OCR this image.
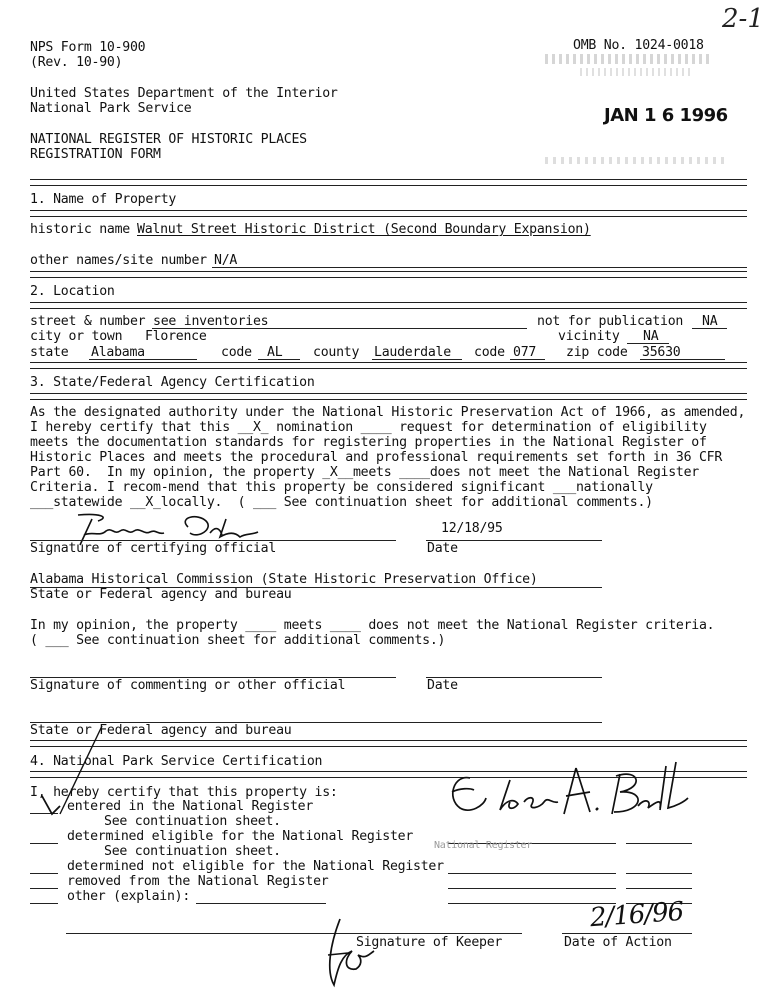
NPS Form 10-900
(Rev. 10-90)
OMB No. 1024-0018
2-1
JAN 1 6 1996
United States Department of the Interior
National Park Service
NATIONAL REGISTER OF HISTORIC PLACES
REGISTRATION FORM
1. Name of Property
historic name Walnut Street Historic District (Second Boundary Expansion)
other names/site number N/A
2. Location
street & number see inventories	not for publication NA
city or town Florence	vicinity NA
state Alabama	code AL county Lauderdale code 077 zip code 35630
3. State/Federal Agency Certification
As the designated authority under the National Historic Preservation Act of 1966, as amended,
I hereby certify that this __X_ nomination ____ request for determination of eligibility
meets the documentation standards for registering properties in the National Register of
Historic Places and meets the procedural and professional requirements set forth in 36 CFR
Part 60.  In my opinion, the property _X__meets ____does not meet the National Register
Criteria. I recom-mend that this property be considered significant ___nationally
___statewide __X_locally.  ( ___ See continuation sheet for additional comments.)
Lawrence Oaks
12/18/95
Signature of certifying official	Date
Alabama Historical Commission (State Historic Preservation Office)
State or Federal agency and bureau
In my opinion, the property ____ meets ____ does not meet the National Register criteria.
( ___ See continuation sheet for additional comments.)
Signature of commenting or other official	Date
State or Federal agency and bureau
4. National Park Service Certification
I, hereby certify that this property is:
entered in the National Register
See continuation sheet.
determined eligible for the National Register
See continuation sheet.
determined not eligible for the National Register
removed from the National Register
other (explain):
National Register
Edson H. Beall
Signature of Keeper	Date of Action
2/16/96
for
